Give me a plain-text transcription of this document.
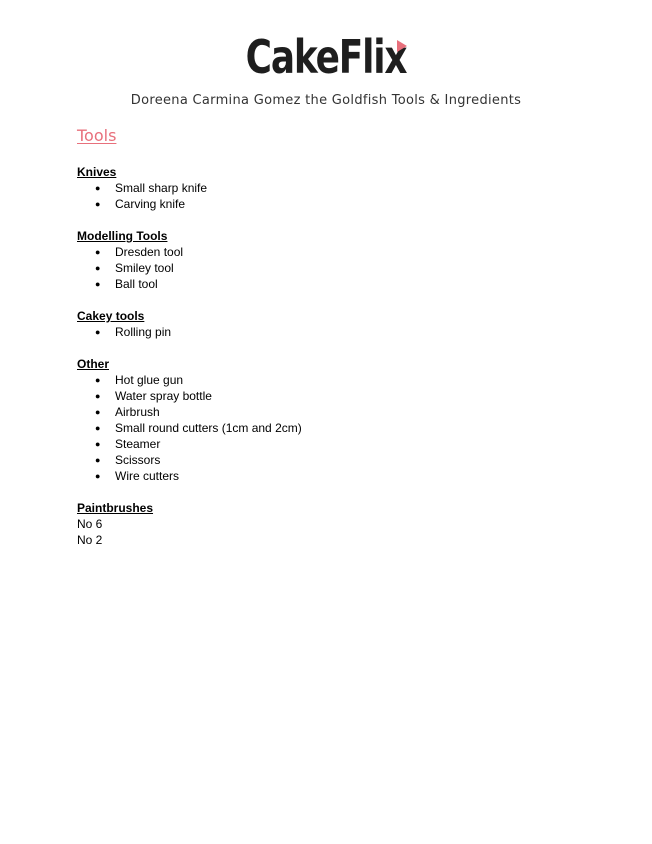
CakeFlix
Doreena Carmina Gomez the Goldfish Tools & Ingredients
Tools

Knives

● Small sharp knife
● Carving knife

Modelling Tools

● Dresden tool
● Smiley tool
● Ball tool

Cakey tools

● Rolling pin

Other

● Hot glue gun
● Water spray bottle
● Airbrush
● Small round cutters (1cm and 2cm)
● Steamer
● Scissors
● Wire cutters

Paintbrushes

No 6

No 2
